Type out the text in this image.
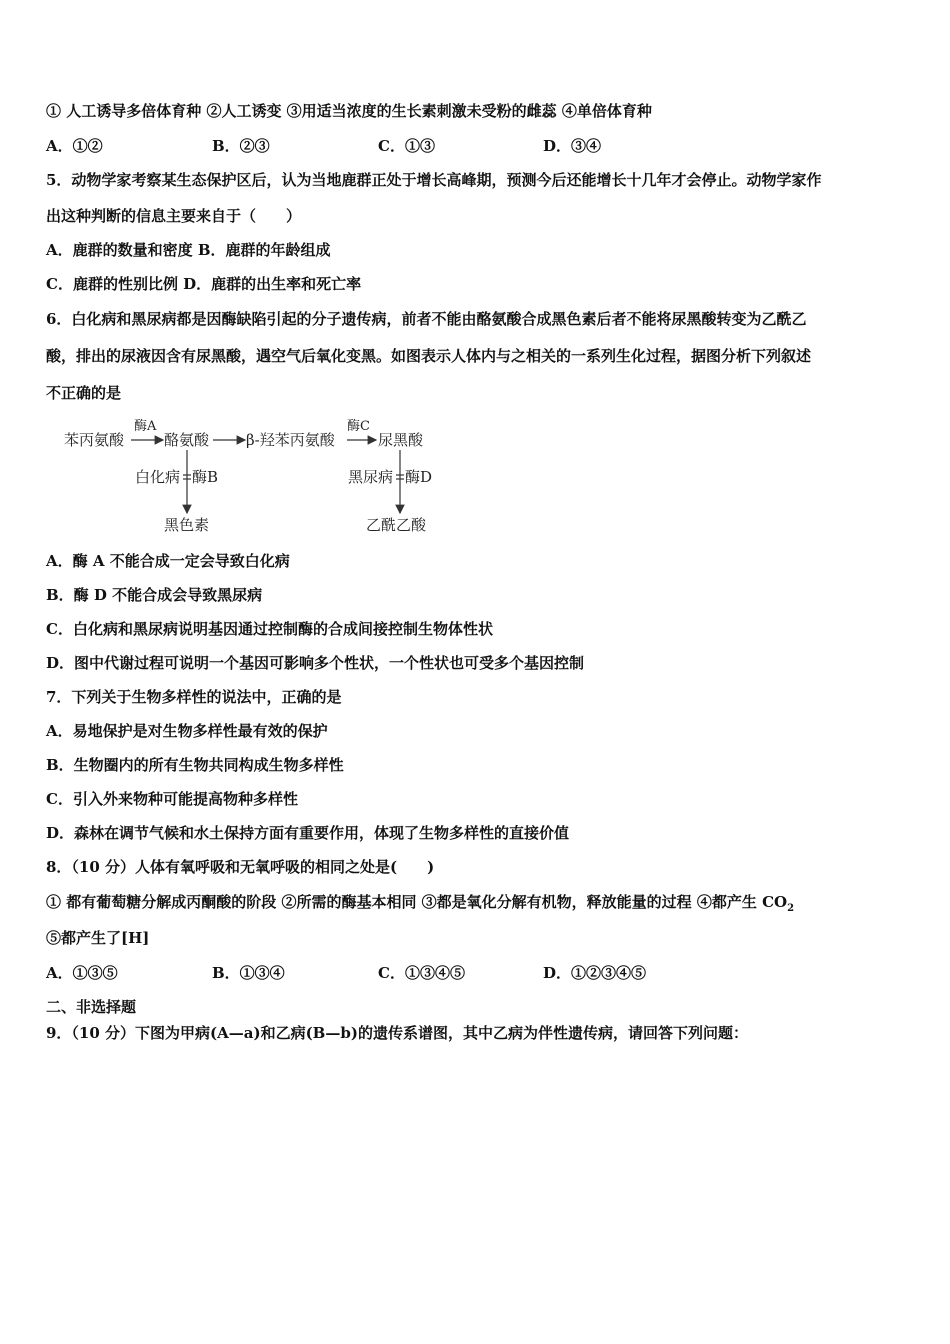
① 人工诱导多倍体育种 ②人工诱变 ③用适当浓度的生长素刺激未受粉的雌蕊 ④单倍体育种
A．①②	B．②③	C．①③	D．③④
5．动物学家考察某生态保护区后，认为当地鹿群正处于增长高峰期，预测今后还能增长十几年才会停止。动物学家作
出这种判断的信息主要来自于（　　）
A．鹿群的数量和密度 B．鹿群的年龄组成
C．鹿群的性别比例 D．鹿群的出生率和死亡率
6．白化病和黑尿病都是因酶缺陷引起的分子遗传病，前者不能由酪氨酸合成黑色素后者不能将尿黑酸转变为乙酰乙
酸，排出的尿液因含有尿黑酸，遇空气后氧化变黑。如图表示人体内与之相关的一系列生化过程，据图分析下列叙述
不正确的是
苯丙氨酸
酶A
酪氨酸 β-羟苯丙氨酸
酶C
尿黑酸
白化病 酶B	黑尿病 酶D
黑色素	乙酰乙酸
A．酶 A 不能合成一定会导致白化病
B．酶 D 不能合成会导致黑尿病
C．白化病和黑尿病说明基因通过控制酶的合成间接控制生物体性状
D．图中代谢过程可说明一个基因可影响多个性状，一个性状也可受多个基因控制
7．下列关于生物多样性的说法中，正确的是
A．易地保护是对生物多样性最有效的保护
B．生物圈内的所有生物共同构成生物多样性
C．引入外来物种可能提高物种多样性
D．森林在调节气候和水土保持方面有重要作用，体现了生物多样性的直接价值
8．（10 分）人体有氧呼吸和无氧呼吸的相同之处是(　　)
① 都有葡萄糖分解成丙酮酸的阶段 ②所需的酶基本相同 ③都是氧化分解有机物，释放能量的过程 ④都产生 $CO_2$
⑤都产生了[H]
A．①③⑤	B．①③④	C．①③④⑤	D．①②③④⑤
二、非选择题
9．（10 分）下图为甲病(A—a)和乙病(B—b)的遗传系谱图，其中乙病为伴性遗传病，请回答下列问题：
